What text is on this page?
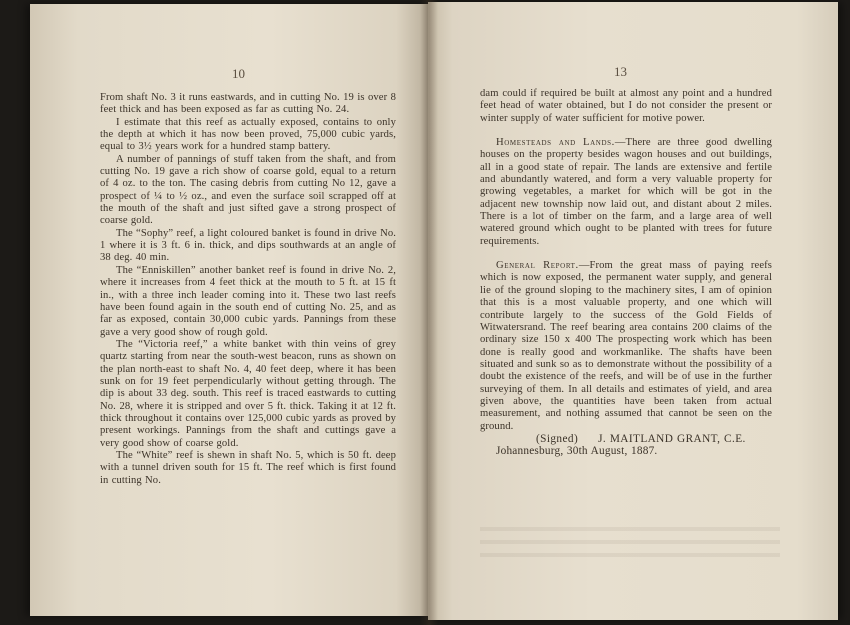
10

From shaft No. 3 it runs eastwards, and in cutting No. 19 is over 8 feet thick and has been exposed as far as cutting No. 24.

I estimate that this reef as actually exposed, contains to only the depth at which it has now been proved, 75,000 cubic yards, equal to 3½ years work for a hundred stamp battery.

A number of pannings of stuff taken from the shaft, and from cutting No. 19 gave a rich show of coarse gold, equal to a return of 4 oz. to the ton. The casing debris from cutting No 12, gave a prospect of ¼ to ½ oz., and even the surface soil scrapped off at the mouth of the shaft and just sifted gave a strong prospect of coarse gold.

The “Sophy” reef, a light coloured banket is found in drive No. 1 where it is 3 ft. 6 in. thick, and dips southwards at an angle of 38 deg. 40 min.

The “Enniskillen” another banket reef is found in drive No. 2, where it increases from 4 feet thick at the mouth to 5 ft. at 15 ft in., with a three inch leader coming into it. These two last reefs have been found again in the south end of cutting No. 25, and as far as exposed, contain 30,000 cubic yards. Pannings from these gave a very good show of rough gold.

The “Victoria reef,” a white banket with thin veins of grey quartz starting from near the south-west beacon, runs as shown on the plan north-east to shaft No. 4, 40 feet deep, where it has been sunk on for 19 feet perpendicularly without getting through. The dip is about 33 deg. south. This reef is traced eastwards to cutting No. 28, where it is stripped and over 5 ft. thick. Taking it at 12 ft. thick throughout it contains over 125,000 cubic yards as proved by present workings. Pannings from the shaft and cuttings gave a very good show of coarse gold.

The “White” reef is shewn in shaft No. 5, which is 50 ft. deep with a tunnel driven south for 15 ft. The reef which is first found in cutting No.

13

dam could if required be built at almost any point and a hundred feet head of water obtained, but I do not consider the present or winter supply of water sufficient for motive power.

Homesteads and Lands.—There are three good dwelling houses on the property besides wagon houses and out buildings, all in a good state of repair. The lands are extensive and fertile and abundantly watered, and form a very valuable property for growing vegetables, a market for which will be got in the adjacent new township now laid out, and distant about 2 miles. There is a lot of timber on the farm, and a large area of well watered ground which ought to be planted with trees for future requirements.

General Report.—From the great mass of paying reefs which is now exposed, the permanent water supply, and general lie of the ground sloping to the machinery sites, I am of opinion that this is a most valuable property, and one which will contribute largely to the success of the Gold Fields of Witwatersrand. The reef bearing area contains 200 claims of the ordinary size 150 x 400 The prospecting work which has been done is really good and workmanlike. The shafts have been situated and sunk so as to demonstrate without the possibility of a doubt the existence of the reefs, and will be of use in the further surveying of them. In all details and estimates of yield, and area given above, the quantities have been taken from actual measurement, and nothing assumed that cannot be seen on the ground.

(Signed) J. MAITLAND GRANT, C.E.

Johannesburg, 30th August, 1887.
